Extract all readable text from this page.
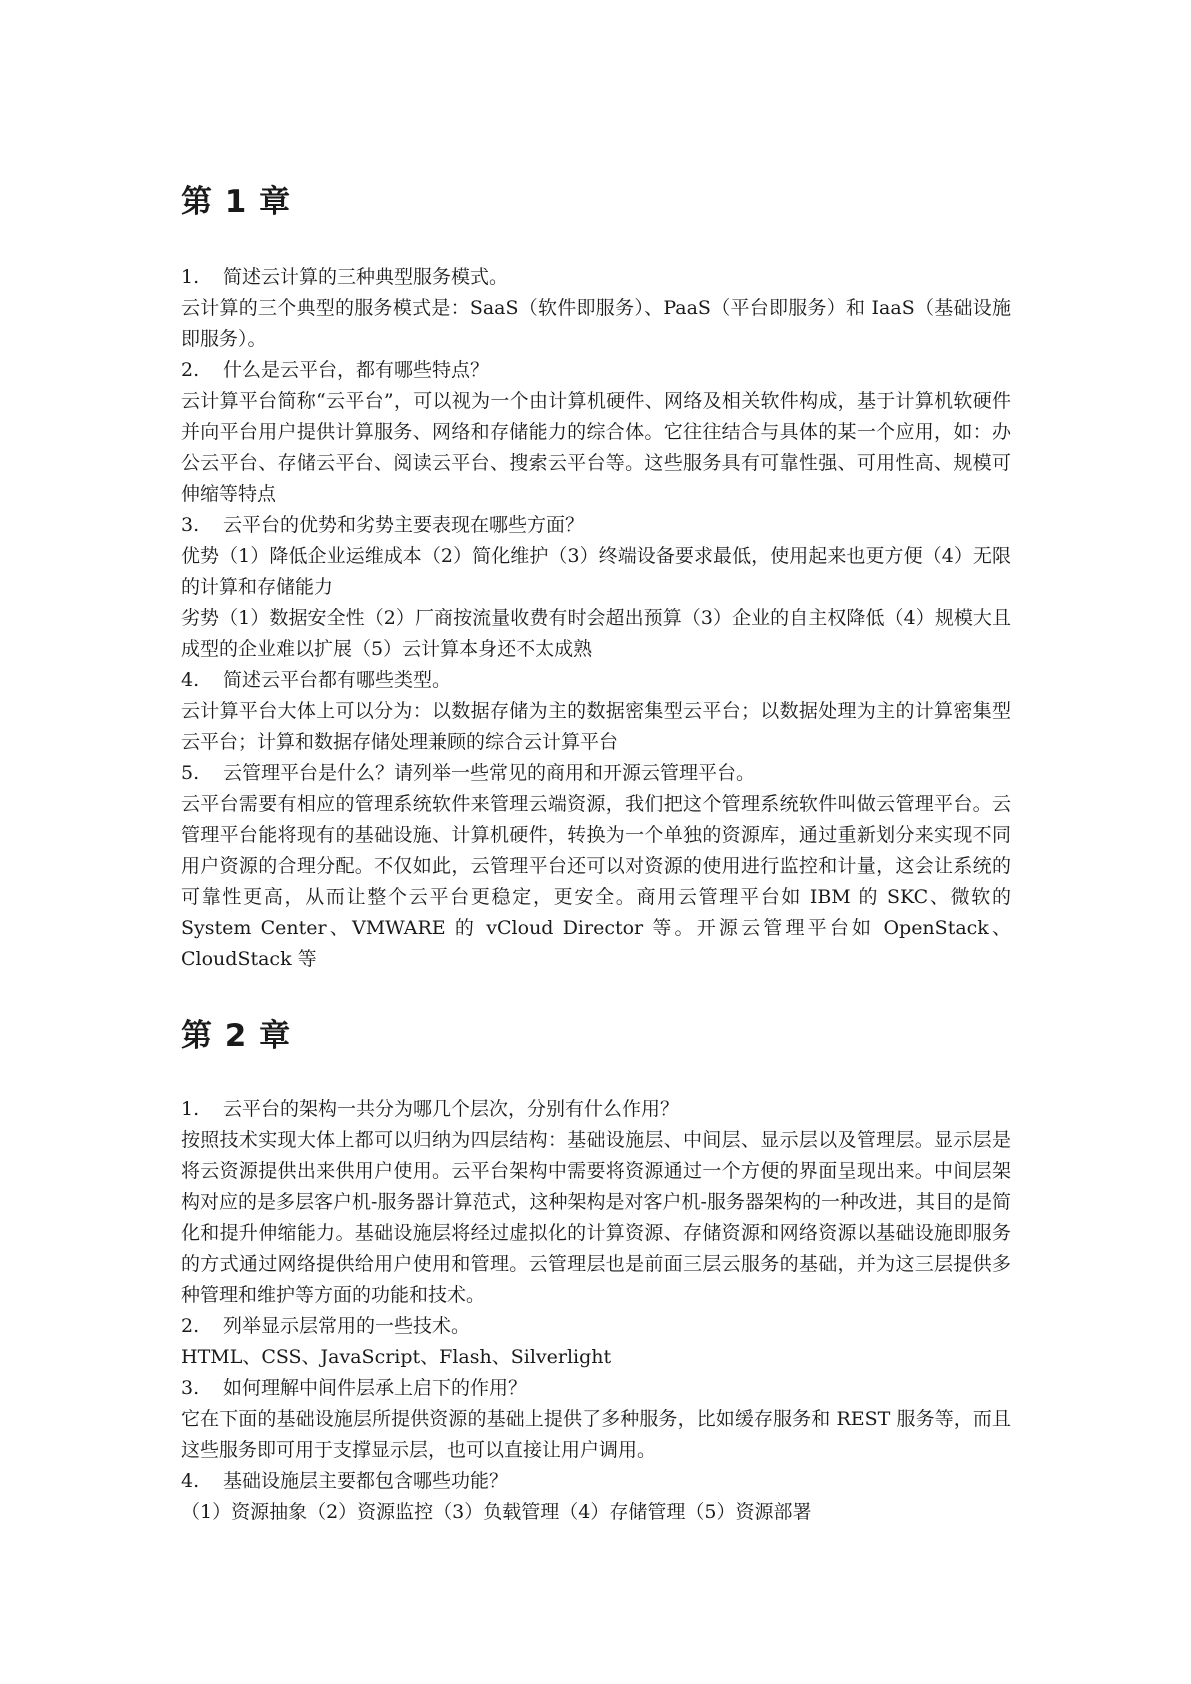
第 1 章

1.	简述云计算的三种典型服务模式。

云计算的三个典型的服务模式是：SaaS（软件即服务）、PaaS（平台即服务）和 IaaS（基础设施即服务）。

2.	什么是云平台，都有哪些特点？

云计算平台简称“云平台”，可以视为一个由计算机硬件、网络及相关软件构成，基于计算机软硬件并向平台用户提供计算服务、网络和存储能力的综合体。它往往结合与具体的某一个应用，如：办公云平台、存储云平台、阅读云平台、搜索云平台等。这些服务具有可靠性强、可用性高、规模可伸缩等特点

3.	云平台的优势和劣势主要表现在哪些方面？

优势（1）降低企业运维成本（2）简化维护（3）终端设备要求最低，使用起来也更方便（4）无限的计算和存储能力

劣势（1）数据安全性（2）厂商按流量收费有时会超出预算（3）企业的自主权降低（4）规模大且成型的企业难以扩展（5）云计算本身还不太成熟

4.	简述云平台都有哪些类型。

云计算平台大体上可以分为：以数据存储为主的数据密集型云平台；以数据处理为主的计算密集型云平台；计算和数据存储处理兼顾的综合云计算平台

5.	云管理平台是什么？请列举一些常见的商用和开源云管理平台。

云平台需要有相应的管理系统软件来管理云端资源，我们把这个管理系统软件叫做云管理平台。云管理平台能将现有的基础设施、计算机硬件，转换为一个单独的资源库，通过重新划分来实现不同用户资源的合理分配。不仅如此，云管理平台还可以对资源的使用进行监控和计量，这会让系统的可靠性更高，从而让整个云平台更稳定，更安全。商用云管理平台如 IBM 的 SKC、微软的 System Center、VMWARE 的 vCloud Director 等。开源云管理平台如 OpenStack、CloudStack 等

第 2 章

1.	云平台的架构一共分为哪几个层次，分别有什么作用？

按照技术实现大体上都可以归纳为四层结构：基础设施层、中间层、显示层以及管理层。显示层是将云资源提供出来供用户使用。云平台架构中需要将资源通过一个方便的界面呈现出来。中间层架构对应的是多层客户机-服务器计算范式，这种架构是对客户机-服务器架构的一种改进，其目的是简化和提升伸缩能力。基础设施层将经过虚拟化的计算资源、存储资源和网络资源以基础设施即服务的方式通过网络提供给用户使用和管理。云管理层也是前面三层云服务的基础，并为这三层提供多种管理和维护等方面的功能和技术。

2.	列举显示层常用的一些技术。

HTML、CSS、JavaScript、Flash、Silverlight

3.	如何理解中间件层承上启下的作用？

它在下面的基础设施层所提供资源的基础上提供了多种服务，比如缓存服务和 REST 服务等，而且这些服务即可用于支撑显示层，也可以直接让用户调用。

4.	基础设施层主要都包含哪些功能？

（1）资源抽象（2）资源监控（3）负载管理（4）存储管理（5）资源部署
